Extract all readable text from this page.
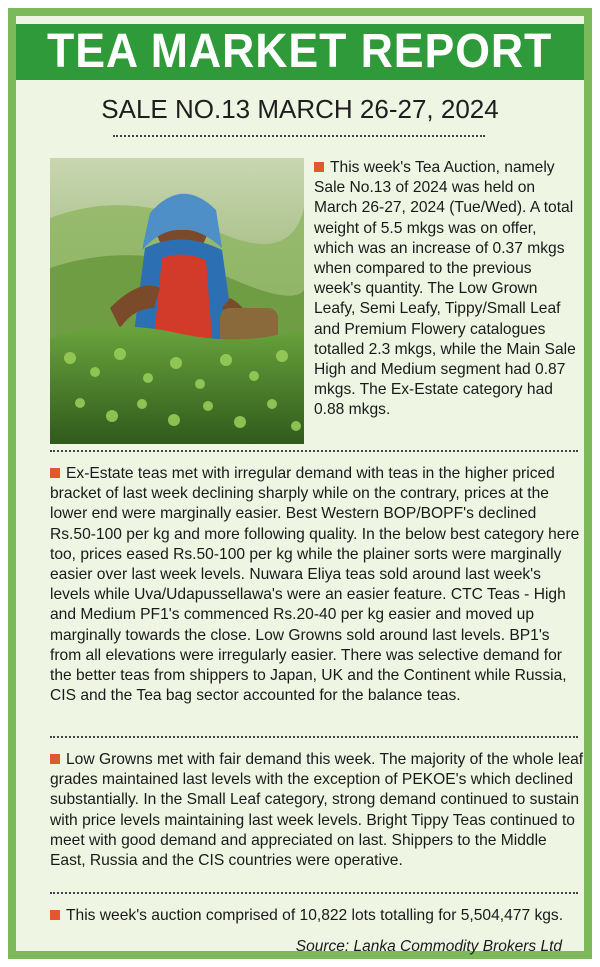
TEA MARKET REPORT
SALE NO.13 MARCH 26-27, 2024
This week's Tea Auction, namely Sale No.13 of 2024 was held on March 26-27, 2024 (Tue/Wed). A total weight of 5.5 mkgs was on offer, which was an increase of 0.37 mkgs when compared to the previous week's quantity. The Low Grown Leafy, Semi Leafy, Tippy/Small Leaf and Premium Flowery catalogues totalled 2.3 mkgs, while the Main Sale High and Medium segment had 0.87 mkgs. The Ex-Estate category had 0.88 mkgs.
Ex-Estate teas met with irregular demand with teas in the higher priced bracket of last week declining sharply while on the contrary, prices at the lower end were marginally easier. Best Western BOP/BOPF's declined Rs.50-100 per kg and more following quality. In the below best category here too, prices eased Rs.50-100 per kg while the plainer sorts were marginally easier over last week levels. Nuwara Eliya teas sold around last week's levels while Uva/Udapussellawa's were an easier feature. CTC Teas - High and Medium PF1's commenced Rs.20-40 per kg easier and moved up marginally towards the close. Low Growns sold around last levels. BP1's from all elevations were irregularly easier. There was selective demand for the better teas from shippers to Japan, UK and the Continent while Russia, CIS and the Tea bag sector accounted for the balance teas.
Low Growns met with fair demand this week. The majority of the whole leaf grades maintained last levels with the exception of PEKOE's which declined substantially. In the Small Leaf category, strong demand continued to sustain with price levels maintaining last week levels. Bright Tippy Teas continued to meet with good demand and appreciated on last. Shippers to the Middle East, Russia and the CIS countries were operative.
This week's auction comprised of 10,822 lots totalling for 5,504,477 kgs.
Source: Lanka Commodity Brokers Ltd
